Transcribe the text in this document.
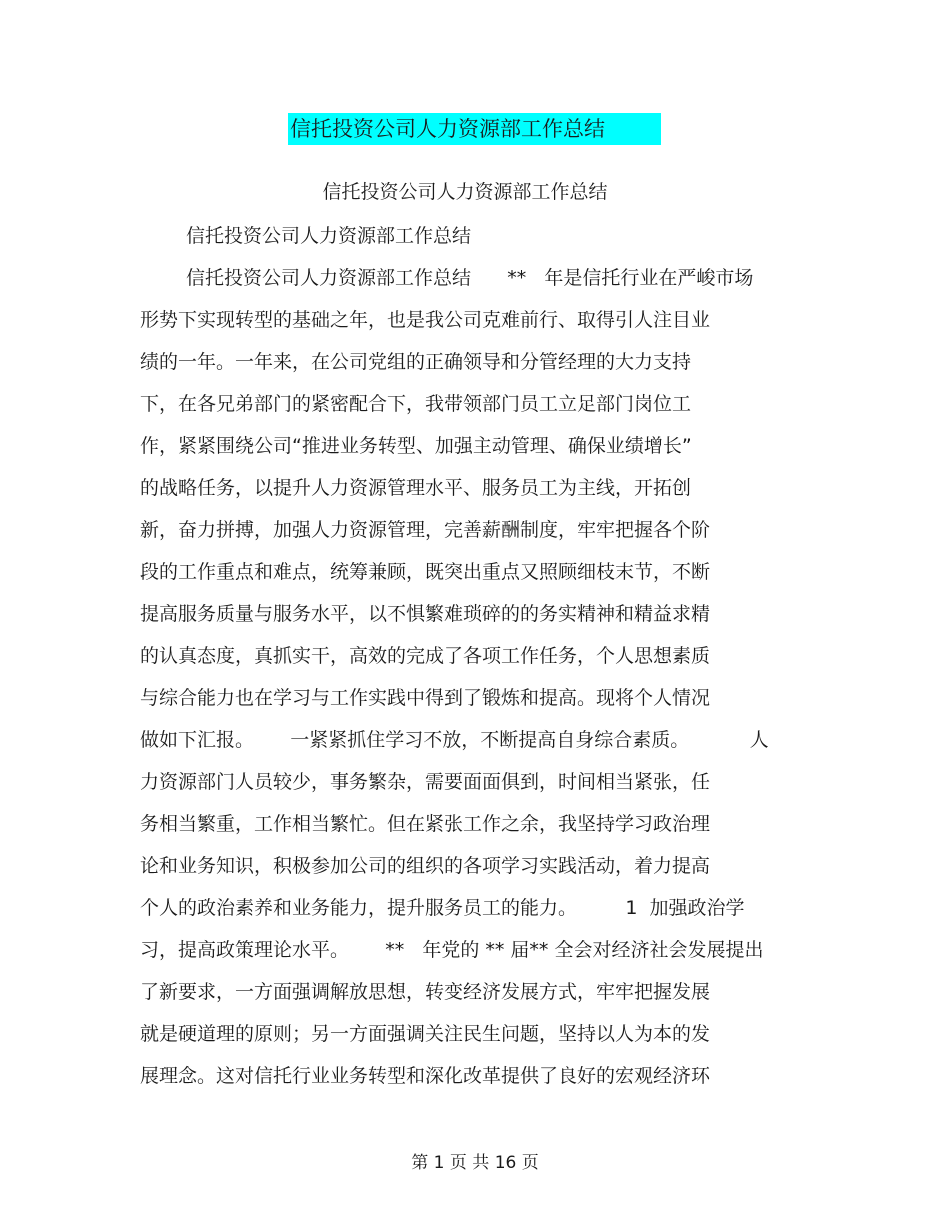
信托投资公司人力资源部工作总结
信托投资公司人力资源部工作总结
信托投资公司人力资源部工作总结
信托投资公司人力资源部工作总结      **   年是信托行业在严峻市场
形势下实现转型的基础之年，也是我公司克难前行、取得引人注目业
绩的一年。一年来，在公司党组的正确领导和分管经理的大力支持
下，在各兄弟部门的紧密配合下，我带领部门员工立足部门岗位工
作，紧紧围绕公司“推进业务转型、加强主动管理、确保业绩增长”
的战略任务，以提升人力资源管理水平、服务员工为主线，开拓创
新，奋力拼搏，加强人力资源管理，完善薪酬制度，牢牢把握各个阶
段的工作重点和难点，统筹兼顾，既突出重点又照顾细枝末节，不断
提高服务质量与服务水平，以不惧繁难琐碎的的务实精神和精益求精
的认真态度，真抓实干，高效的完成了各项工作任务，个人思想素质
与综合能力也在学习与工作实践中得到了锻炼和提高。现将个人情况
做如下汇报。      一紧紧抓住学习不放，不断提高自身综合素质。          人
力资源部门人员较少，事务繁杂，需要面面俱到，时间相当紧张，任
务相当繁重，工作相当繁忙。但在紧张工作之余，我坚持学习政治理
论和业务知识，积极参加公司的组织的各项学习实践活动，着力提高
个人的政治素养和业务能力，提升服务员工的能力。        1  加强政治学
习，提高政策理论水平。      **   年党的 ** 届** 全会对经济社会发展提出
了新要求，一方面强调解放思想，转变经济发展方式，牢牢把握发展
就是硬道理的原则；另一方面强调关注民生问题，坚持以人为本的发
展理念。这对信托行业业务转型和深化改革提供了良好的宏观经济环
第 1 页 共 16 页
